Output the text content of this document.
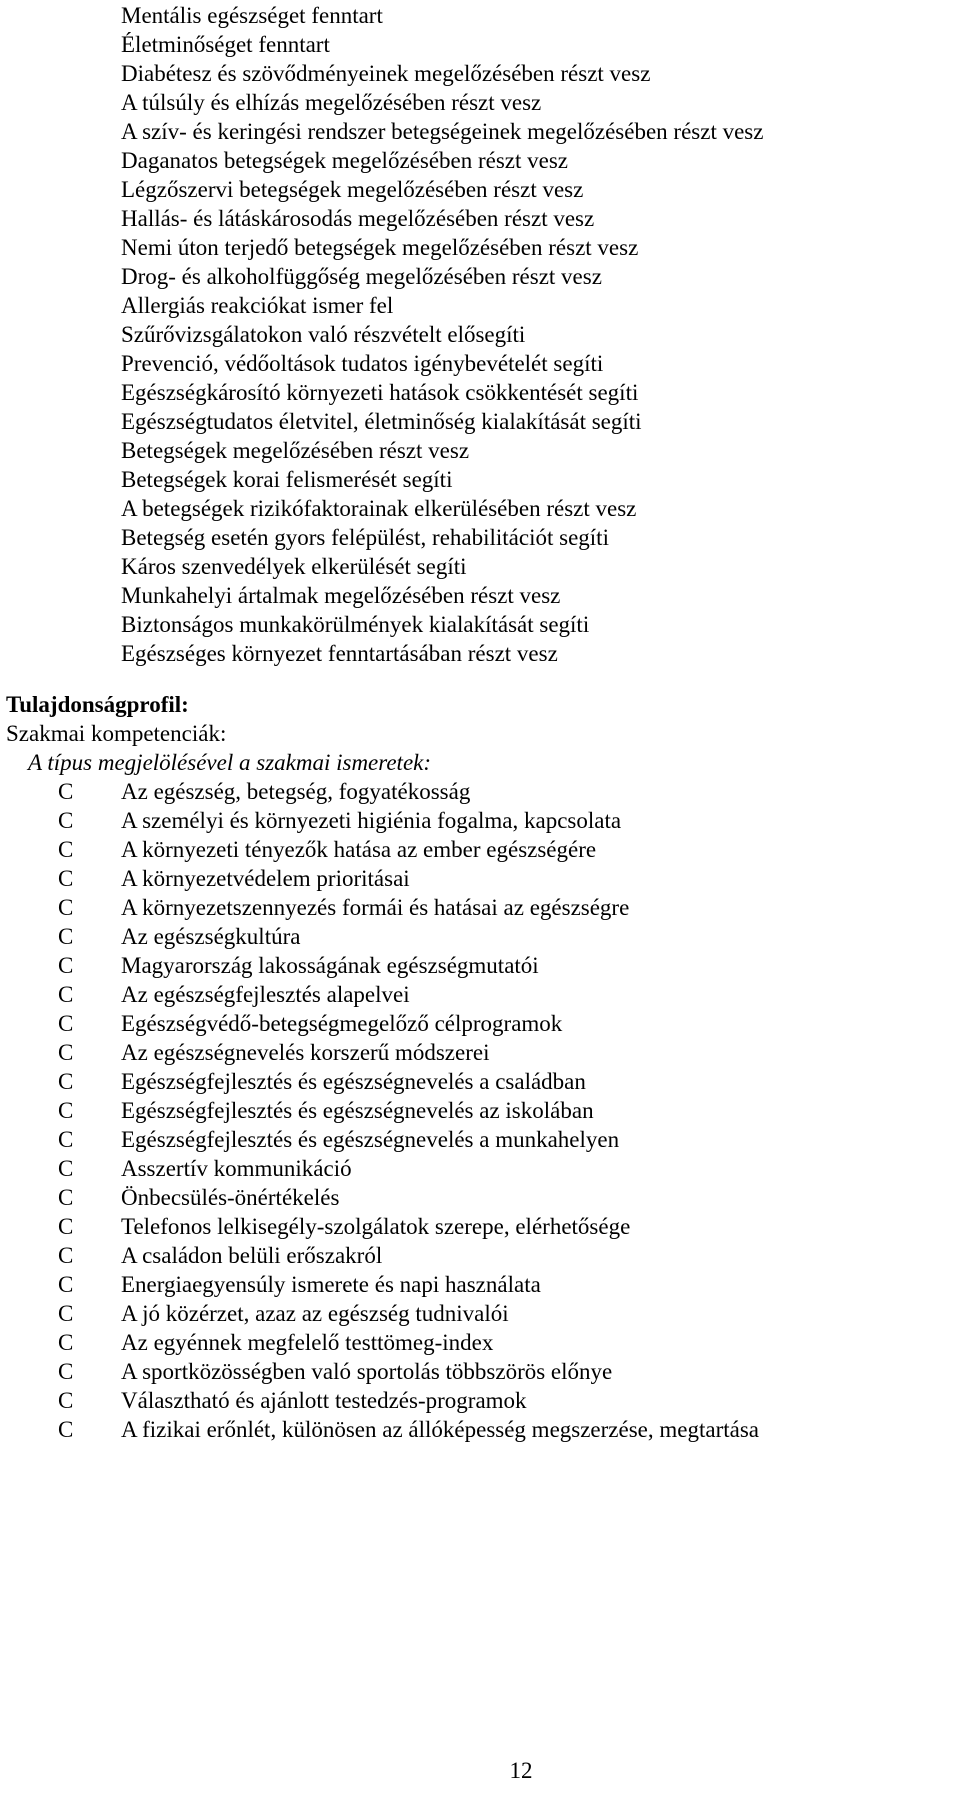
Mentális egészséget fenntart
Életminőséget fenntart
Diabétesz és szövődményeinek megelőzésében részt vesz
A túlsúly és elhízás megelőzésében részt vesz
A szív- és keringési rendszer betegségeinek megelőzésében részt vesz
Daganatos betegségek megelőzésében részt vesz
Légzőszervi betegségek megelőzésében részt vesz
Hallás- és látáskárosodás megelőzésében részt vesz
Nemi úton terjedő betegségek megelőzésében részt vesz
Drog- és alkoholfüggőség megelőzésében részt vesz
Allergiás reakciókat ismer fel
Szűrővizsgálatokon való részvételt elősegíti
Prevenció, védőoltások tudatos igénybevételét segíti
Egészségkárosító környezeti hatások csökkentését segíti
Egészségtudatos életvitel, életminőség kialakítását segíti
Betegségek megelőzésében részt vesz
Betegségek korai felismerését segíti
A betegségek rizikófaktorainak elkerülésében részt vesz
Betegség esetén gyors felépülést, rehabilitációt segíti
Káros szenvedélyek elkerülését segíti
Munkahelyi ártalmak megelőzésében részt vesz
Biztonságos munkakörülmények kialakítását segíti
Egészséges környezet fenntartásában részt vesz
Tulajdonságprofil:
Szakmai kompetenciák:
A típus megjelölésével a szakmai ismeretek:
C Az egészség, betegség, fogyatékosság
C A személyi és környezeti higiénia fogalma, kapcsolata
C A környezeti tényezők hatása az ember egészségére
C A környezetvédelem prioritásai
C A környezetszennyezés formái és hatásai az egészségre
C Az egészségkultúra
C Magyarország lakosságának egészségmutatói
C Az egészségfejlesztés alapelvei
C Egészségvédő-betegségmegelőző célprogramok
C Az egészségnevelés korszerű módszerei
C Egészségfejlesztés és egészségnevelés a családban
C Egészségfejlesztés és egészségnevelés az iskolában
C Egészségfejlesztés és egészségnevelés a munkahelyen
C Asszertív kommunikáció
C Önbecsülés-önértékelés
C Telefonos lelkisegély-szolgálatok szerepe, elérhetősége
C A családon belüli erőszakról
C Energiaegyensúly ismerete és napi használata
C A jó közérzet, azaz az egészség tudnivalói
C Az egyénnek megfelelő testtömeg-index
C A sportközösségben való sportolás többszörös előnye
C Választható és ajánlott testedzés-programok
C A fizikai erőnlét, különösen az állóképesség megszerzése, megtartása
12
